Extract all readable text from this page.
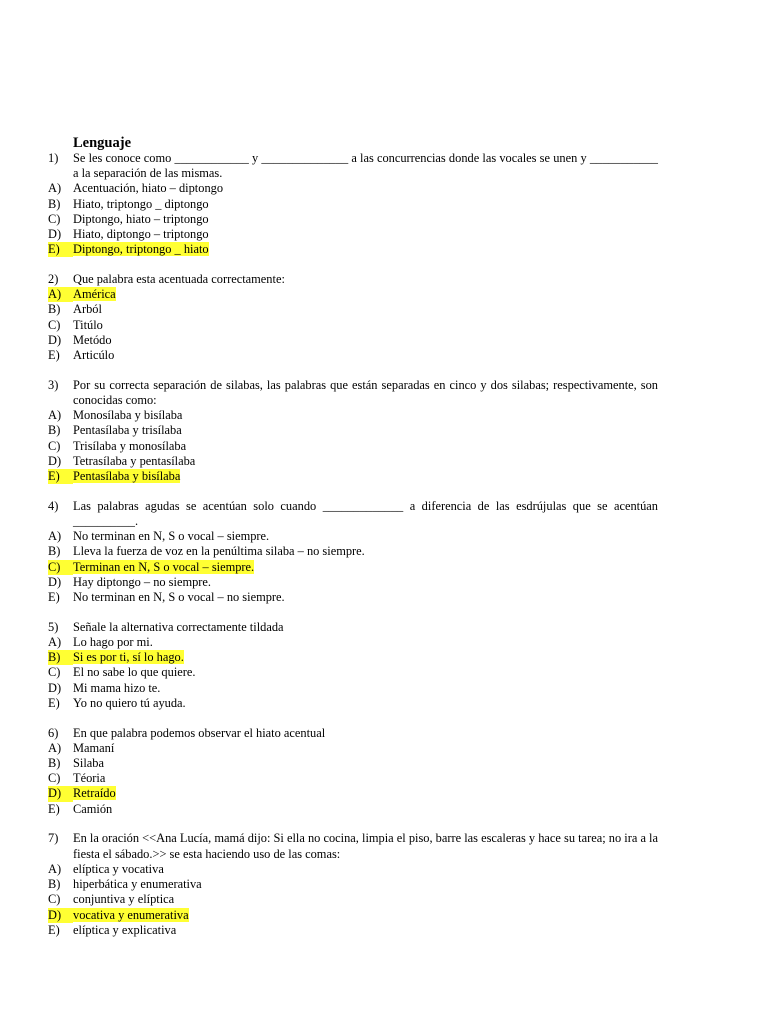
Lenguaje
1)	Se les conoce como ____________ y ______________ a las concurrencias donde las vocales se unen y ___________ a la separación de las mismas.
A) Acentuación, hiato – diptongo
B)	Hiato, triptongo _ diptongo
C)	Diptongo, hiato – triptongo
D) Hiato, diptongo – triptongo
E)	Diptongo, triptongo _ hiato
2)	Que palabra esta acentuada correctamente:
A) América
B)	Arból
C)	Titúlo
D) Metódo
E)	Articúlo
3)	Por su correcta separación de silabas, las palabras que están separadas en cinco y dos silabas; respectivamente, son conocidas como:
A) Monosílaba y bisílaba
B)	Pentasílaba y trisílaba
C)	Trisílaba y monosílaba
D) Tetrasílaba y pentasílaba
E)	Pentasílaba y bisílaba
4)	Las palabras agudas se acentúan solo cuando _____________ a diferencia de las esdrújulas que se acentúan __________.
A) No terminan en N, S o vocal – siempre.
B)	Lleva la fuerza de voz en la penúltima silaba – no siempre.
C)	Terminan en N, S o vocal – siempre.
D) Hay diptongo – no siempre.
E)	No terminan en N, S o vocal – no siempre.
5)	Señale la alternativa correctamente tildada
A) Lo hago por mi.
B)	Si es por ti, sí lo hago.
C)	El no sabe lo que quiere.
D) Mi mama hizo te.
E)	Yo no quiero tú ayuda.
6)	En que palabra podemos observar el hiato acentual
A) Mamaní
B)	Silaba
C)	Téoria
D) Retraído
E)	Camión
7)	En la oración <<Ana Lucía, mamá dijo: Si ella no cocina, limpia el piso, barre las escaleras y hace su tarea; no ira a la fiesta el sábado.>> se esta haciendo uso de las comas:
A) elíptica y vocativa
B)	hiperbática y enumerativa
C)	conjuntiva y elíptica
D) vocativa y enumerativa
E)	elíptica y explicativa
